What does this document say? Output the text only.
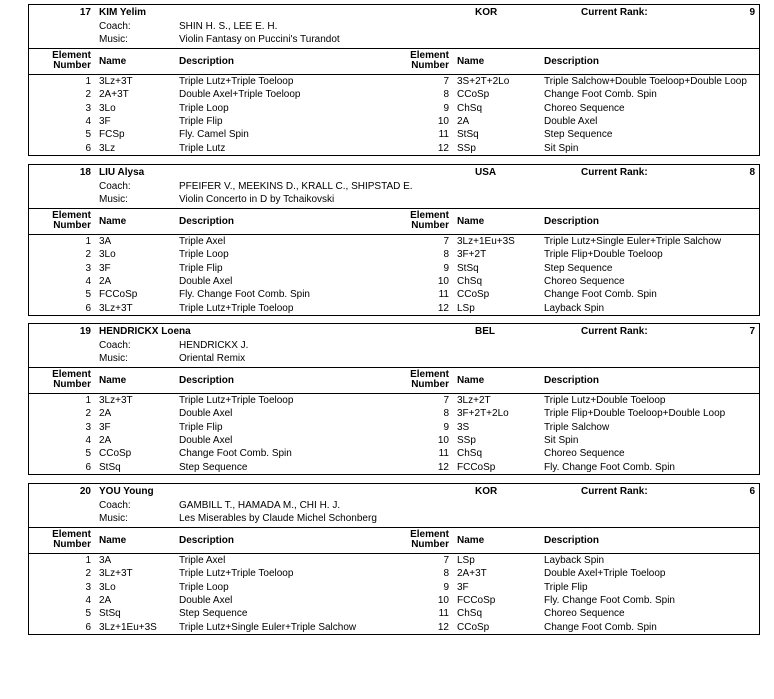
17 KIM Yelim	KOR	Current Rank:	9
Coach:	SHIN H. S., LEE E. H.
Music:	Violin Fantasy on Puccini's Turandot
Element
Number
Element
Number
Name	Description	Name	Description
1 3Lz+3T	Triple Lutz+Triple Toeloop	7 3S+2T+2Lo	Triple Salchow+Double Toeloop+Double Loop
2 2A+3T	Double Axel+Triple Toeloop	8 CCoSp	Change Foot Comb. Spin
3 3Lo	Triple Loop	9 ChSq	Choreo Sequence
4 3F	Triple Flip	10 2A	Double Axel
5 FCSp	Fly. Camel Spin	11 StSq	Step Sequence
6 3Lz	Triple Lutz	12 SSp	Sit Spin
18 LIU Alysa	USA	Current Rank:	8
Coach:	PFEIFER V., MEEKINS D., KRALL C., SHIPSTAD E.
Music:	Violin Concerto in D by Tchaikovski
Element
Number
Element
Number
Name	Description	Name	Description
1 3A	Triple Axel	7 3Lz+1Eu+3S	Triple Lutz+Single Euler+Triple Salchow
2 3Lo	Triple Loop	8 3F+2T	Triple Flip+Double Toeloop
3 3F	Triple Flip	9 StSq	Step Sequence
4 2A	Double Axel	10 ChSq	Choreo Sequence
5 FCCoSp	Fly. Change Foot Comb. Spin	11 CCoSp	Change Foot Comb. Spin
6 3Lz+3T	Triple Lutz+Triple Toeloop	12 LSp	Layback Spin
19 HENDRICKX Loena	BEL	Current Rank:	7
Coach:	HENDRICKX J.
Music:	Oriental Remix
Element
Number
Element
Number
Name	Description	Name	Description
1 3Lz+3T	Triple Lutz+Triple Toeloop	7 3Lz+2T	Triple Lutz+Double Toeloop
2 2A	Double Axel	8 3F+2T+2Lo	Triple Flip+Double Toeloop+Double Loop
3 3F	Triple Flip	9 3S	Triple Salchow
4 2A	Double Axel	10 SSp	Sit Spin
5 CCoSp	Change Foot Comb. Spin	11 ChSq	Choreo Sequence
6 StSq	Step Sequence	12 FCCoSp	Fly. Change Foot Comb. Spin
20 YOU Young	KOR	Current Rank:	6
Coach:	GAMBILL T., HAMADA M., CHI H. J.
Music:	Les Miserables by Claude Michel Schonberg
Element
Number
Element
Number
Name	Description	Name	Description
1 3A	Triple Axel	7 LSp	Layback Spin
2 3Lz+3T	Triple Lutz+Triple Toeloop	8 2A+3T	Double Axel+Triple Toeloop
3 3Lo	Triple Loop	9 3F	Triple Flip
4 2A	Double Axel	10 FCCoSp	Fly. Change Foot Comb. Spin
5 StSq	Step Sequence	11 ChSq	Choreo Sequence
6 3Lz+1Eu+3S Triple Lutz+Single Euler+Triple Salchow	12 CCoSp	Change Foot Comb. Spin
